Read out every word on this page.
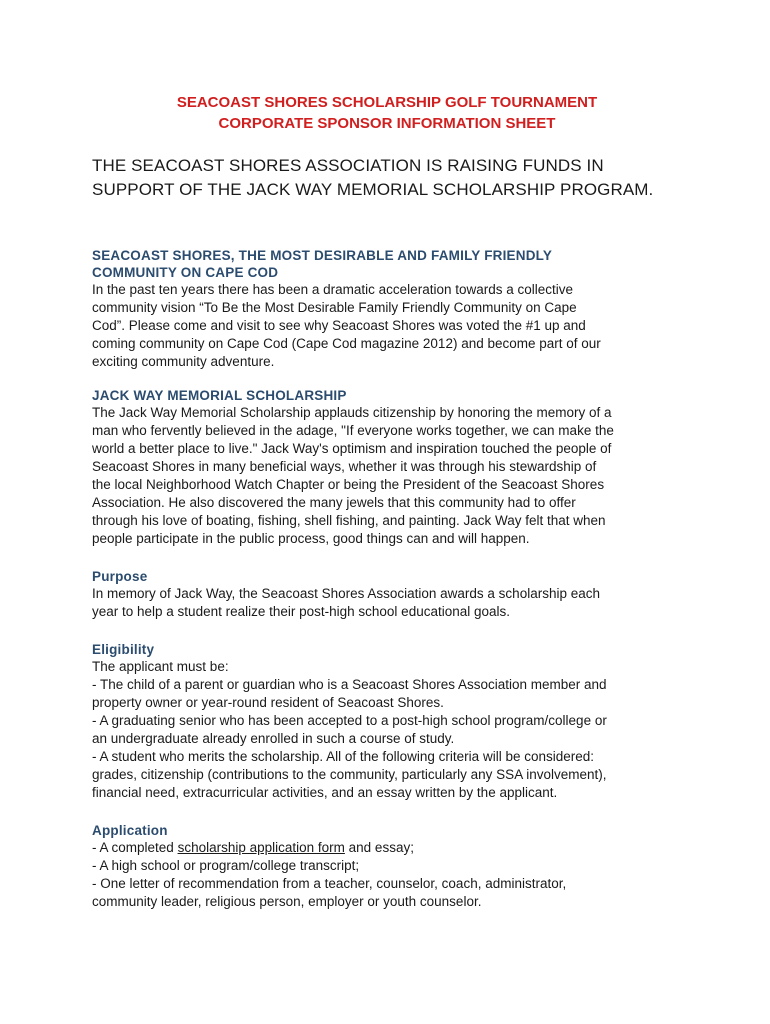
SEACOAST SHORES SCHOLARSHIP GOLF TOURNAMENT
CORPORATE SPONSOR INFORMATION SHEET
THE SEACOAST SHORES ASSOCIATION IS RAISING FUNDS IN
SUPPORT OF THE JACK WAY MEMORIAL SCHOLARSHIP PROGRAM.
SEACOAST SHORES, THE MOST DESIRABLE AND FAMILY FRIENDLY
COMMUNITY ON CAPE COD
In the past ten years there has been a dramatic acceleration towards a collective
community vision “To Be the Most Desirable Family Friendly Community on Cape
Cod”. Please come and visit to see why Seacoast Shores was voted the #1 up and
coming community on Cape Cod (Cape Cod magazine 2012) and become part of our
exciting community adventure.
JACK WAY MEMORIAL SCHOLARSHIP
The Jack Way Memorial Scholarship applauds citizenship by honoring the memory of a
man who fervently believed in the adage, "If everyone works together, we can make the
world a better place to live." Jack Way's optimism and inspiration touched the people of
Seacoast Shores in many beneficial ways, whether it was through his stewardship of
the local Neighborhood Watch Chapter or being the President of the Seacoast Shores
Association. He also discovered the many jewels that this community had to offer
through his love of boating, fishing, shell fishing, and painting. Jack Way felt that when
people participate in the public process, good things can and will happen.
Purpose
In memory of Jack Way, the Seacoast Shores Association awards a scholarship each
year to help a student realize their post-high school educational goals.
Eligibility
The applicant must be:
- The child of a parent or guardian who is a Seacoast Shores Association member and
property owner or year-round resident of Seacoast Shores.
- A graduating senior who has been accepted to a post-high school program/college or
an undergraduate already enrolled in such a course of study.
- A student who merits the scholarship. All of the following criteria will be considered:
grades, citizenship (contributions to the community, particularly any SSA involvement),
financial need, extracurricular activities, and an essay written by the applicant.
Application
- A completed scholarship application form and essay;
- A high school or program/college transcript;
- One letter of recommendation from a teacher, counselor, coach, administrator,
community leader, religious person, employer or youth counselor.
